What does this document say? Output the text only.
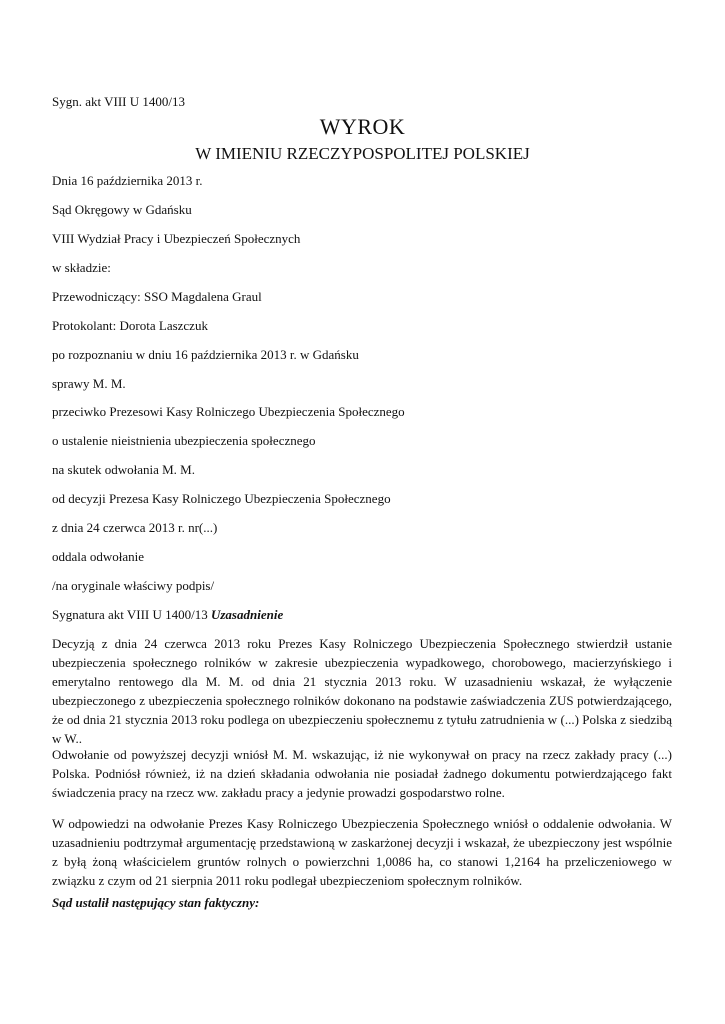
Sygn. akt VIII U 1400/13
WYROK
W IMIENIU RZECZYPOSPOLITEJ POLSKIEJ
Dnia 16 października 2013 r.
Sąd Okręgowy w Gdańsku
VIII Wydział Pracy i Ubezpieczeń Społecznych
w składzie:
Przewodniczący: SSO Magdalena Graul
Protokolant: Dorota Laszczuk
po rozpoznaniu w dniu 16 października 2013 r. w Gdańsku
sprawy M. M.
przeciwko Prezesowi Kasy Rolniczego Ubezpieczenia Społecznego
o ustalenie nieistnienia ubezpieczenia społecznego
na skutek odwołania M. M.
od decyzji Prezesa Kasy Rolniczego Ubezpieczenia Społecznego
z dnia 24 czerwca 2013 r. nr(...)
oddala odwołanie
/na oryginale właściwy podpis/
Sygnatura akt VIII U 1400/13 Uzasadnienie

Decyzją z dnia 24 czerwca 2013 roku Prezes Kasy Rolniczego Ubezpieczenia Społecznego stwierdził ustanie ubezpieczenia społecznego rolników w zakresie ubezpieczenia wypadkowego, chorobowego, macierzyńskiego i emerytalno rentowego dla M. M. od dnia 21 stycznia 2013 roku. W uzasadnieniu wskazał, że wyłączenie ubezpieczonego z ubezpieczenia społecznego rolników dokonano na podstawie zaświadczenia ZUS potwierdzającego, że od dnia 21 stycznia 2013 roku podlega on ubezpieczeniu społecznemu z tytułu zatrudnienia w (...) Polska z siedzibą w W..

Odwołanie od powyższej decyzji wniósł M. M. wskazując, iż nie wykonywał on pracy na rzecz zakłady pracy (...) Polska. Podniósł również, iż na dzień składania odwołania nie posiadał żadnego dokumentu potwierdzającego fakt świadczenia pracy na rzecz ww. zakładu pracy a jedynie prowadzi gospodarstwo rolne.

W odpowiedzi na odwołanie Prezes Kasy Rolniczego Ubezpieczenia Społecznego wniósł o oddalenie odwołania. W uzasadnieniu podtrzymał argumentację przedstawioną w zaskarżonej decyzji i wskazał, że ubezpieczony jest wspólnie z byłą żoną właścicielem gruntów rolnych o powierzchni 1,0086 ha, co stanowi 1,2164 ha przeliczeniowego w związku z czym od 21 sierpnia 2011 roku podlegał ubezpieczeniom społecznym rolników.

Sąd ustalił następujący stan faktyczny:
